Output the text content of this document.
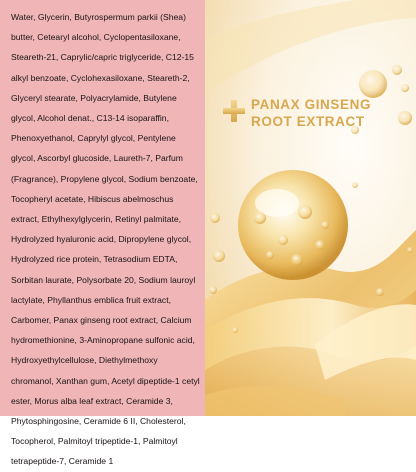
Water, Glycerin, Butyrospermum parkii (Shea) butter, Cetearyl alcohol, Cyclopentasiloxane, Steareth-21, Caprylic/capric triglyceride, C12-15 alkyl benzoate, Cyclohexasiloxane, Steareth-2, Glyceryl stearate, Polyacrylamide, Butylene glycol, Alcohol denat., C13-14 isoparaffin, Phenoxyethanol, Caprylyl glycol, Pentylene glycol, Ascorbyl glucoside, Laureth-7, Parfum (Fragrance), Propylene glycol, Sodium benzoate, Tocopheryl acetate, Hibiscus abelmoschus extract, Ethylhexylglycerin, Retinyl palmitate, Hydrolyzed hyaluronic acid, Dipropylene glycol, Hydrolyzed rice protein, Tetrasodium EDTA, Sorbitan laurate, Polysorbate 20, Sodium lauroyl lactylate, Phyllanthus emblica fruit extract, Carbomer, Panax ginseng root extract, Calcium hydromethionine, 3-Aminopropane sulfonic acid, Hydroxyethylcellulose, Diethylmethoxy chromanol, Xanthan gum, Acetyl dipeptide-1 cetyl ester, Morus alba leaf extract, Ceramide 3, Phytosphingosine, Ceramide 6 II, Cholesterol, Tocopherol, Palmitoyl tripeptide-1, Palmitoyl tetrapeptide-7, Ceramide 1

PANAX GINSENG
ROOT EXTRACT
